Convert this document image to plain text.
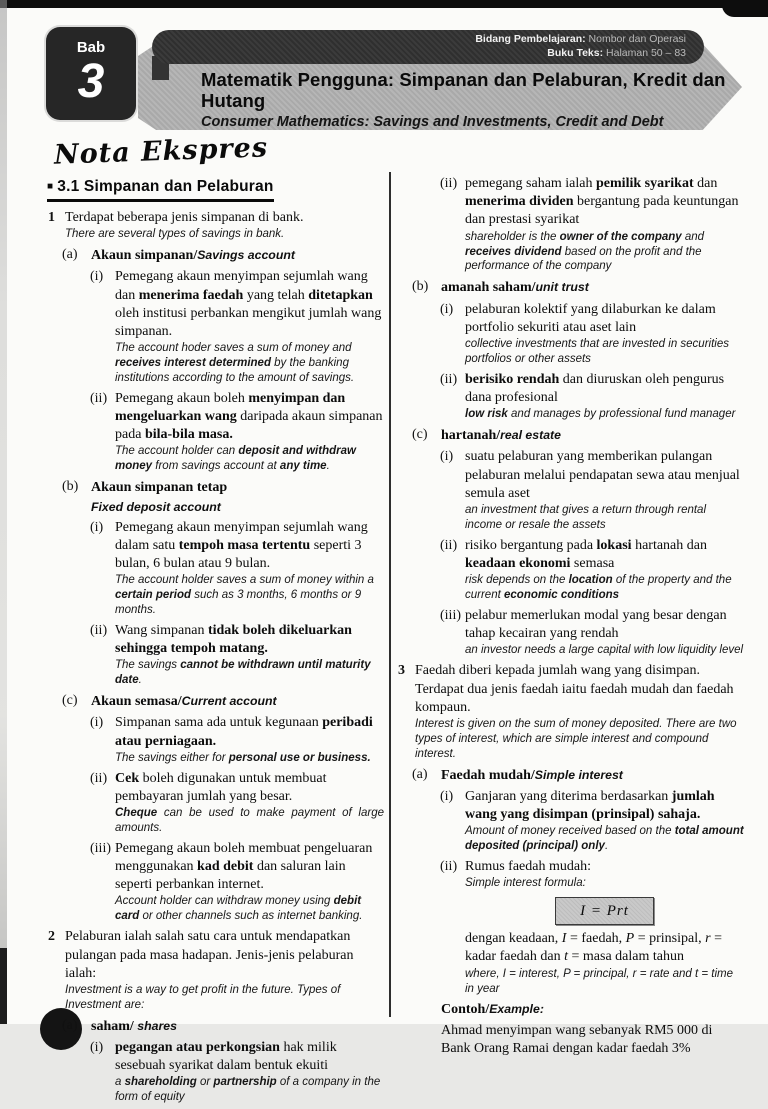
Bidang Pembelajaran: Nombor dan Operasi
Buku Teks: Halaman 50 – 83
Bab
3	Matematik Pengguna: Simpanan dan Pelaburan, Kredit dan Hutang
Consumer Mathematics: Savings and Investments, Credit and Debt
Nota Ekspres
■ 3.1 Simpanan dan Pelaburan
1 Terdapat beberapa jenis simpanan di bank.

There are several types of savings in bank.

(a) Akaun simpanan/Savings account

(i) Pemegang akaun menyimpan sejumlah wang dan menerima faedah yang telah ditetapkan oleh institusi perbankan mengikut jumlah wang simpanan.

The account hoder saves a sum of money and receives interest determined by the banking institutions according to the amount of savings.

(ii) Pemegang akaun boleh menyimpan dan mengeluarkan wang daripada akaun simpanan pada bila-bila masa.

The account holder can deposit and withdraw money from savings account at any time.

(b) Akaun simpanan tetap

Fixed deposit account

(i) Pemegang akaun menyimpan sejumlah wang dalam satu tempoh masa tertentu seperti 3 bulan, 6 bulan atau 9 bulan.

The account holder saves a sum of money within a certain period such as 3 months, 6 months or 9 months.

(ii) Wang simpanan tidak boleh dikeluarkan sehingga tempoh matang.

The savings cannot be withdrawn until maturity date.

(c) Akaun semasa/Current account

(i) Simpanan sama ada untuk kegunaan peribadi atau perniagaan.

The savings either for personal use or business.

(ii) Cek boleh digunakan untuk membuat pembayaran jumlah yang besar.

Cheque can be used to make payment of large amounts.

(iii) Pemegang akaun boleh membuat pengeluaran menggunakan kad debit dan saluran lain seperti perbankan internet.

Account holder can withdraw money using debit card or other channels such as internet banking.

2 Pelaburan ialah salah satu cara untuk mendapatkan pulangan pada masa hadapan. Jenis-jenis pelaburan ialah:

Investment is a way to get profit in the future. Types of Investment are:

(a) saham/ shares

(i) pegangan atau perkongsian hak milik sesebuah syarikat dalam bentuk ekuiti

a shareholding or partnership of a company in the form of equity

(ii) pemegang saham ialah pemilik syarikat dan menerima dividen bergantung pada keuntungan dan prestasi syarikat

shareholder is the owner of the company and receives dividend based on the profit and the performance of the company

(b) amanah saham/unit trust

(i) pelaburan kolektif yang dilaburkan ke dalam portfolio sekuriti atau aset lain

collective investments that are invested in securities portfolios or other assets

(ii) berisiko rendah dan diuruskan oleh pengurus dana profesional

low risk and manages by professional fund manager

(c) hartanah/real estate

(i) suatu pelaburan yang memberikan pulangan pelaburan melalui pendapatan sewa atau menjual semula aset

an investment that gives a return through rental income or resale the assets

(ii) risiko bergantung pada lokasi hartanah dan keadaan ekonomi semasa

risk depends on the location of the property and the current economic conditions

(iii) pelabur memerlukan modal yang besar dengan tahap kecairan yang rendah

an investor needs a large capital with low liquidity level

3 Faedah diberi kepada jumlah wang yang disimpan. Terdapat dua jenis faedah iaitu faedah mudah dan faedah kompaun.

Interest is given on the sum of money deposited. There are two types of interest, which are simple interest and compound interest.

(a) Faedah mudah/Simple interest

(i) Ganjaran yang diterima berdasarkan jumlah wang yang disimpan (prinsipal) sahaja.

Amount of money received based on the total amount deposited (principal) only.

(ii) Rumus faedah mudah:

Simple interest formula:

I = Prt

dengan keadaan, I = faedah, P = prinsipal, r = kadar faedah dan t = masa dalam tahun

where, I = interest, P = principal, r = rate and t = time in year

Contoh/Example:

Ahmad menyimpan wang sebanyak RM5 000 di Bank Orang Ramai dengan kadar faedah 3%
